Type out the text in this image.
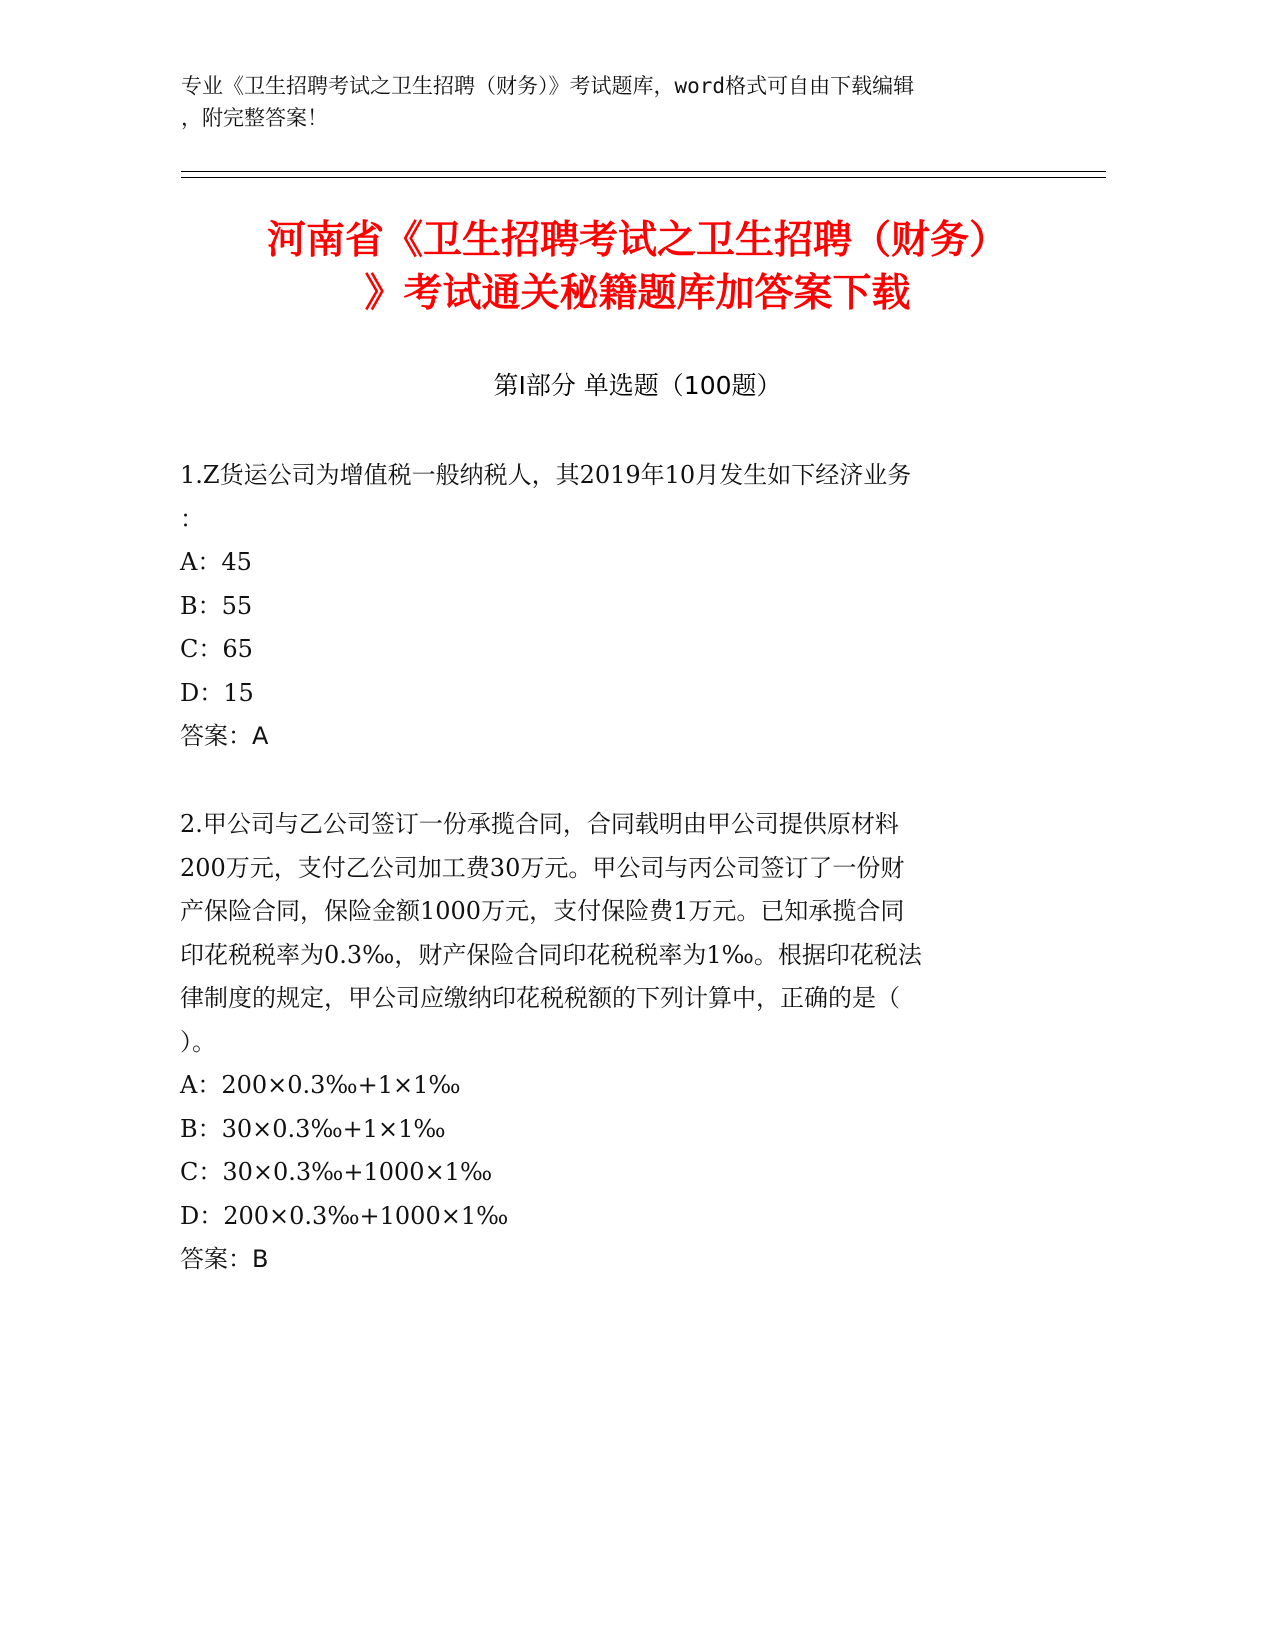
专业《卫生招聘考试之卫生招聘（财务）》考试题库，word格式可自由下载编辑
，附完整答案！
河南省《卫生招聘考试之卫生招聘（财务）
》考试通关秘籍题库加答案下载
第Ⅰ部分 单选题（100题）
1.Z货运公司为增值税一般纳税人，其2019年10月发生如下经济业务
：
A：45
B：55
C：65
D：15
答案：A
2.甲公司与乙公司签订一份承揽合同，合同载明由甲公司提供原材料
200万元，支付乙公司加工费30万元。甲公司与丙公司签订了一份财
产保险合同，保险金额1000万元，支付保险费1万元。已知承揽合同
印花税税率为0.3‰，财产保险合同印花税税率为1‰。根据印花税法
律制度的规定，甲公司应缴纳印花税税额的下列计算中，正确的是（
）。
A：200×0.3‰+1×1‰
B：30×0.3‰+1×1‰
C：30×0.3‰+1000×1‰
D：200×0.3‰+1000×1‰
答案：B
